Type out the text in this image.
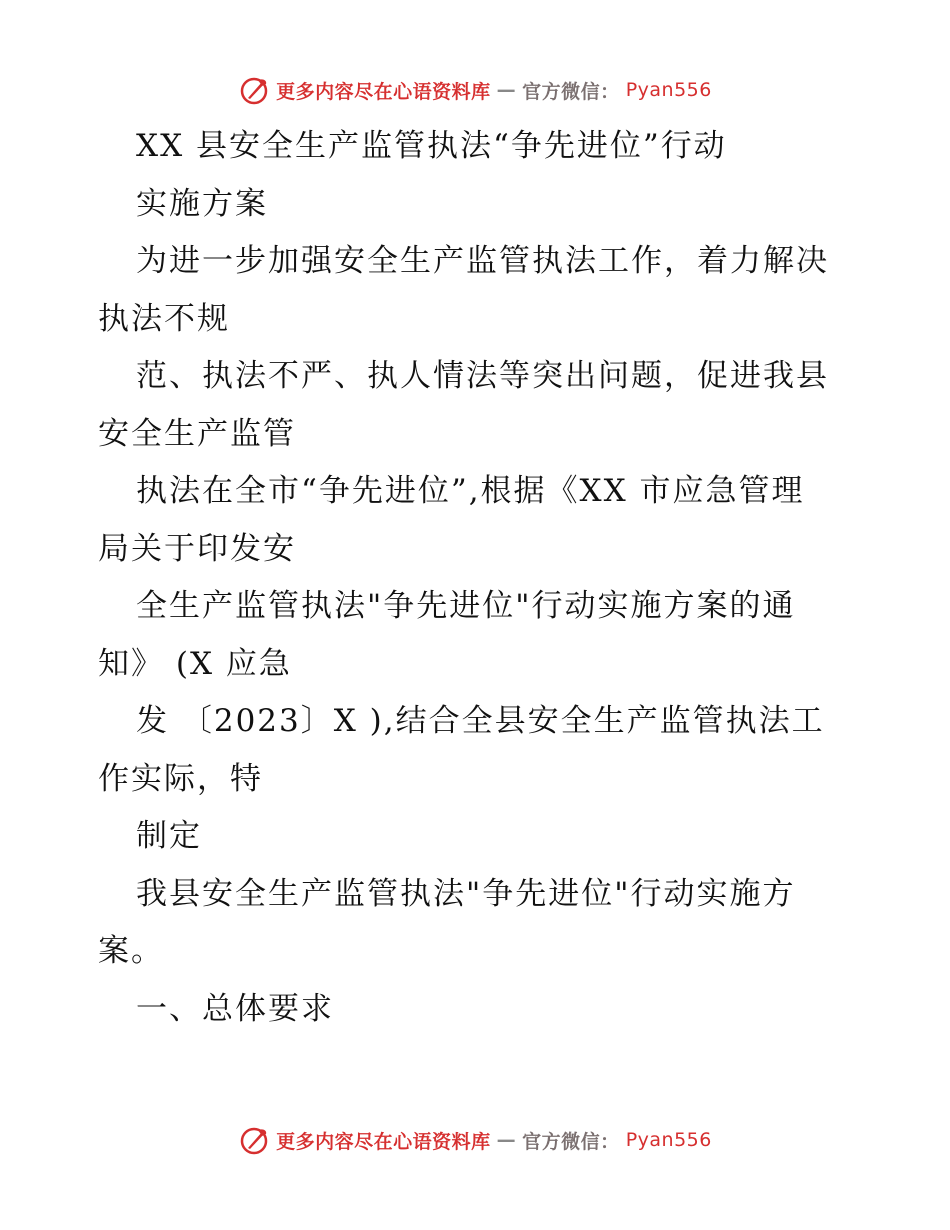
更多内容尽在心语资料库 — 官方微信： Pyan556
XX 县安全生产监管执法“争先进位”行动
实施方案
为进一步加强安全生产监管执法工作，着力解决
执法不规
范、执法不严、执人情法等突出问题，促进我县
安全生产监管
执法在全市“争先进位”,根据《XX 市应急管理
局关于印发安
全生产监管执法"争先进位"行动实施方案的通
知》 (X 应急
发 〔2023〕X ),结合全县安全生产监管执法工
作实际，特
制定
我县安全生产监管执法"争先进位"行动实施方
案。
一、总体要求
更多内容尽在心语资料库 — 官方微信： Pyan556
